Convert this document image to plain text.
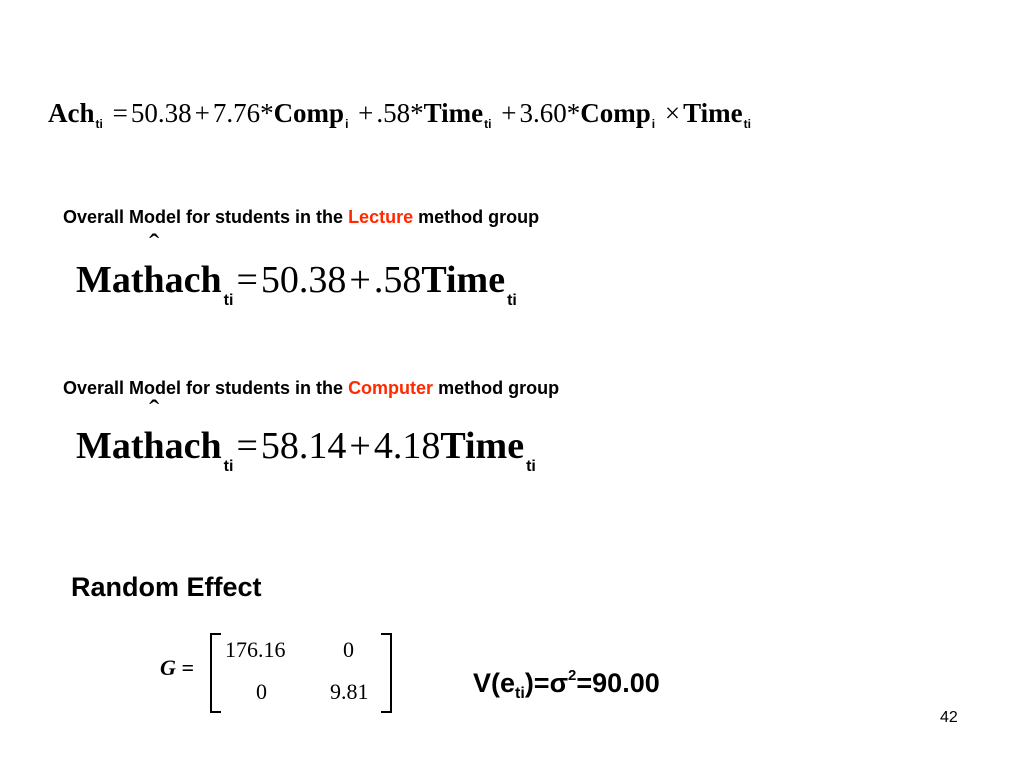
Ach$_{ti}$ = 50.38 + 7.76*Comp$_i$ + .58*Time$_{ti}$ + 3.60*Comp$_i$ × Time$_{ti}$
Overall Model for students in the Lecture method group
Mat
ˆ
hach $_{ti}$=50.38+.58Time $_{ti}$
Overall Model for students in the Computer method group
Mat
ˆ
hach $_{ti}$=58.14+4.18Time $_{ti}$
Random Effect
G =
176.16	0
0	9.81	$V(e_{ti})=\sigma^2=90.00$
42
